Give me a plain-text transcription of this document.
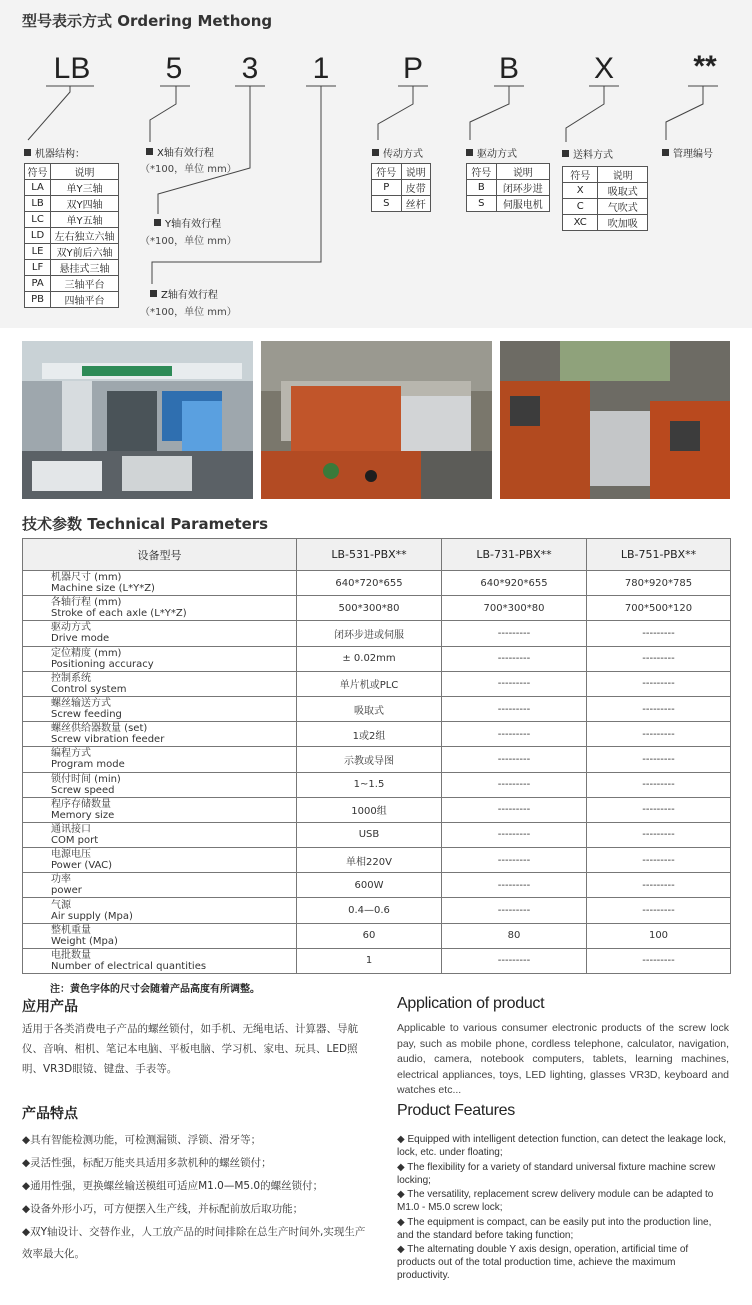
型号表示方式 Ordering Methong
LB	5	3	1	P	B	X	**
机器结构：
符号	说明
LA	单Y三轴
LB	双Y四轴
LC	单Y五轴
LD	左右独立六轴
LE	双Y前后六轴
LF	悬挂式三轴
PA	三轴平台
PB	四轴平台
X轴有效行程
（*100，单位 mm）
Y轴有效行程
（*100，单位 mm）
Z轴有效行程
（*100，单位 mm）
传动方式
符号	说明
P	皮带
S	丝杆
驱动方式
符号	说明
B	闭环步进
S	伺服电机
送料方式
符号	说明
X	吸取式
C	气吹式
XC	吹加吸
管理编号
技术参数 Technical Parameters
设备型号	LB-531-PBX**	LB-731-PBX**	LB-751-PBX**

机器尺寸 (mm)
Machine size (L*Y*Z)	640*720*655	640*920*655	780*920*785

各轴行程 (mm)
Stroke of each axle (L*Y*Z)	500*300*80	700*300*80	700*500*120

驱动方式
Drive mode	闭环步进或伺服	---------	---------

定位精度 (mm)
Positioning accuracy	± 0.02mm	---------	---------

控制系统
Control system	单片机或PLC	---------	---------

螺丝输送方式
Screw feeding	吸取式	---------	---------

螺丝供给器数量 (set)
Screw vibration feeder	1或2组	---------	---------

编程方式
Program mode	示教或导图	---------	---------

锁付时间 (min)
Screw speed	1~1.5	---------	---------

程序存储数量
Memory size	1000组	---------	---------

通讯接口
COM port	USB	---------	---------

电源电压
Power (VAC)	单相220V	---------	---------

功率
power	600W	---------	---------

气源
Air supply (Mpa)	0.4—0.6	---------	---------

整机重量
Weight (Mpa)	60	80	100

电批数量
Number of electrical quantities	1	---------	---------
注：黄色字体的尺寸会随着产品高度有所调整。
应用产品
适用于各类消费电子产品的螺丝锁付，如手机、无绳电话、计算器、导航仪、音响、相机、笔记本电脑、平板电脑、学习机、家电、玩具、LED照明、VR3D眼镜、键盘、手表等。
Application of product
Applicable to various consumer electronic products of the screw lock pay, such as mobile phone, cordless telephone, calculator, navigation, audio, camera, notebook computers, tablets, learning machines, electrical appliances, toys, LED lighting, glasses VR3D, keyboard and watches etc...
产品特点
◆具有智能检测功能，可检测漏锁、浮锁、滑牙等；
◆灵活性强，标配万能夹具适用多款机种的螺丝锁付；
◆通用性强，更换螺丝输送模组可适应M1.0—M5.0的螺丝锁付；
◆设备外形小巧，可方便摆入生产线，并标配前放后取功能；
◆双Y轴设计、交替作业，人工放产品的时间排除在总生产时间外,实现生产效率最大化。
Product Features
◆ Equipped with intelligent detection function, can detect the leakage lock, lock, etc. under floating;
◆ The flexibility for a variety of standard universal fixture machine screw locking;
◆ The versatility, replacement screw delivery module can be adapted to M1.0 - M5.0 screw lock;
◆ The equipment is compact, can be easily put into the production line, and the standard before taking function;
◆ The alternating double Y axis design, operation, artificial time of products out of the total production time, achieve the maximum productivity.
